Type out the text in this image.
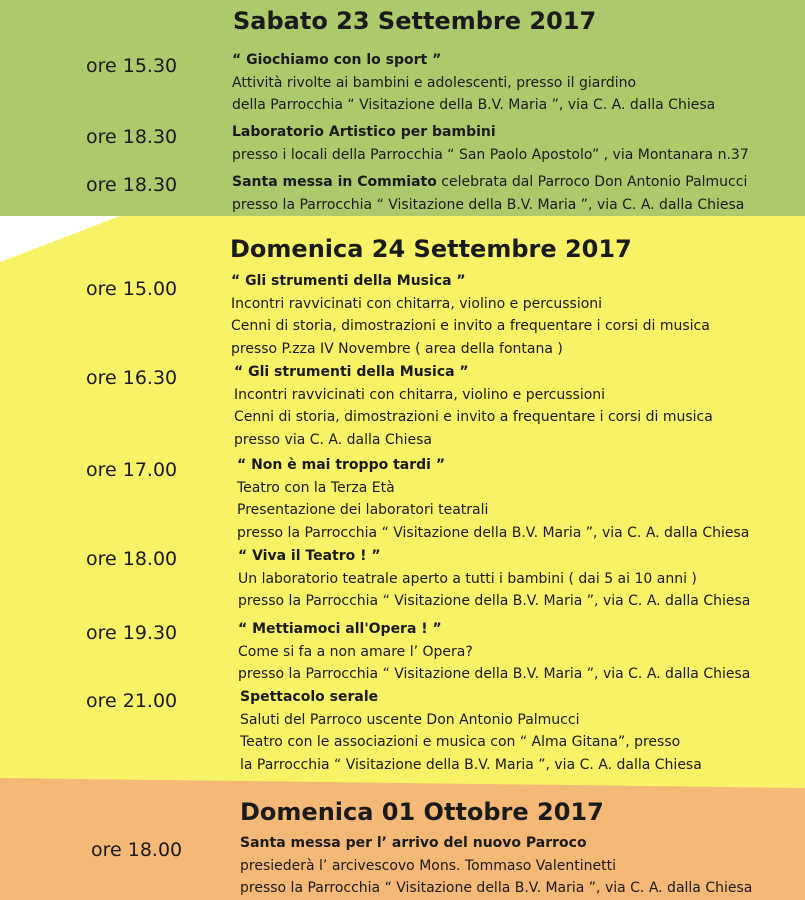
Sabato 23 Settembre 2017
ore 15.30	“ Giochiamo con lo sport ”
Attività rivolte ai bambini e adolescenti, presso il giardino
della Parrocchia “ Visitazione della B.V. Maria ”, via C. A. dalla Chiesa
ore 18.30	Laboratorio Artistico per bambini
presso i locali della Parrocchia “ San Paolo Apostolo” , via Montanara n.37
ore 18.30	Santa messa in Commiato celebrata dal Parroco Don Antonio Palmucci
presso la Parrocchia “ Visitazione della B.V. Maria ”, via C. A. dalla Chiesa
Domenica 24 Settembre 2017
ore 15.00	“ Gli strumenti della Musica ”
Incontri ravvicinati con chitarra, violino e percussioni
Cenni di storia, dimostrazioni e invito a frequentare i corsi di musica
presso P.zza IV Novembre ( area della fontana )
ore 16.30	“ Gli strumenti della Musica ”
Incontri ravvicinati con chitarra, violino e percussioni
Cenni di storia, dimostrazioni e invito a frequentare i corsi di musica
presso via C. A. dalla Chiesa
ore 17.00	“ Non è mai troppo tardi ”
Teatro con la Terza Età
Presentazione dei laboratori teatrali
presso la Parrocchia “ Visitazione della B.V. Maria ”, via C. A. dalla Chiesa
ore 18.00	“ Viva il Teatro ! ”
Un laboratorio teatrale aperto a tutti i bambini ( dai 5 ai 10 anni )
presso la Parrocchia “ Visitazione della B.V. Maria ”, via C. A. dalla Chiesa
ore 19.30	“ Mettiamoci all'Opera ! ”
Come si fa a non amare l’ Opera?
presso la Parrocchia “ Visitazione della B.V. Maria ”, via C. A. dalla Chiesa
ore 21.00	Spettacolo serale
Saluti del Parroco uscente Don Antonio Palmucci
Teatro con le associazioni e musica con “ Alma Gitana”, presso
la Parrocchia “ Visitazione della B.V. Maria ”, via C. A. dalla Chiesa
Domenica 01 Ottobre 2017
ore 18.00	Santa messa per l’ arrivo del nuovo Parroco
presiederà l’ arcivescovo Mons. Tommaso Valentinetti
presso la Parrocchia “ Visitazione della B.V. Maria ”, via C. A. dalla Chiesa
